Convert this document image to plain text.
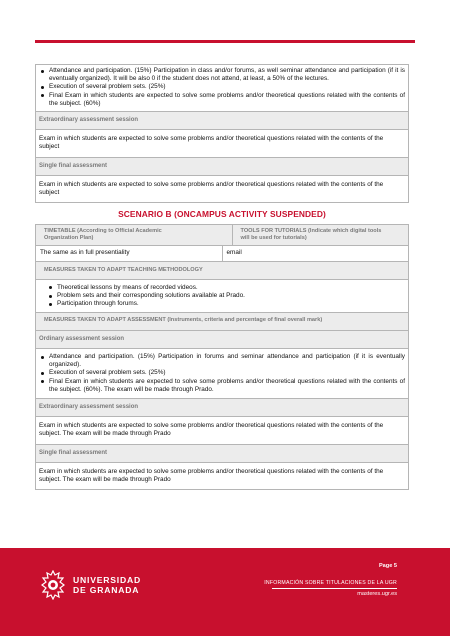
Attendance and participation. (15%) Participation in class and/or forums, as well seminar attendance and participation (if it is eventually organized). It will be also 0 if the student does not attend, at least, a 50% of the lectures.
Execution of several problem sets. (25%)
Final Exam in which students are expected to solve some problems and/or theoretical questions related with the contents of the subject. (60%)
Extraordinary assessment session
Exam in which students are expected to solve some problems and/or theoretical questions related with the contents of the subject
Single final assessment
Exam in which students are expected to solve some problems and/or theoretical questions related with the contents of the subject
SCENARIO B (ONCAMPUS ACTIVITY SUSPENDED)
TIMETABLE (According to Official Academic Organization Plan)
TOOLS FOR TUTORIALS (Indicate which digital tools will be used for tutorials)
The same as in full presentiality	email
MEASURES TAKEN TO ADAPT TEACHING METHODOLOGY
Theoretical lessons by means of recorded videos.
Problem sets and their corresponding solutions available at Prado.
Participation through forums.
MEASURES TAKEN TO ADAPT ASSESSMENT (Instruments, criteria and percentage of final overall mark)
Ordinary assessment session
Attendance and participation. (15%) Participation in forums and seminar attendance and participation (if it is eventually organized).
Execution of several problem sets. (25%)
Final Exam in which students are expected to solve some problems and/or theoretical questions related with the contents of the subject. (60%). The exam will be made through Prado.
Extraordinary assessment session
Exam in which students are expected to solve some problems and/or theoretical questions related with the contents of the subject. The exam will be made through Prado
Single final assessment
Exam in which students are expected to solve some problems and/or theoretical questions related with the contents of the subject. The exam will be made through Prado
UNIVERSIDAD
DE GRANADA
Page 5
INFORMACIÓN SOBRE TITULACIONES DE LA UGR
masteres.ugr.es
